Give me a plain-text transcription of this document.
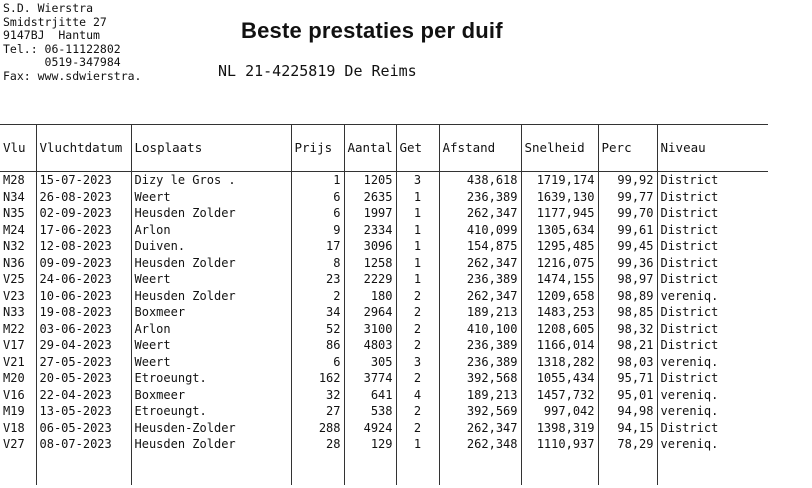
S.D. Wierstra
Smidstrjitte 27
9147BJ  Hantum
Tel.: 06-11122802
0519-347984
Fax: www.sdwierstra.
Beste prestaties per duif
NL 21-4225819 De Reims
Vlu	Vluchtdatum	Losplaats	Prijs	Aantal	Get	Afstand	Snelheid	Perc	Niveau
M28	15-07-2023	Dizy le Gros .	1	1205	3	438,618	1719,174	99,92	District
N34	26-08-2023	Weert	6	2635	1	236,389	1639,130	99,77	District
N35	02-09-2023	Heusden Zolder	6	1997	1	262,347	1177,945	99,70	District
M24	17-06-2023	Arlon	9	2334	1	410,099	1305,634	99,61	District
N32	12-08-2023	Duiven.	17	3096	1	154,875	1295,485	99,45	District
N36	09-09-2023	Heusden Zolder	8	1258	1	262,347	1216,075	99,36	District
V25	24-06-2023	Weert	23	2229	1	236,389	1474,155	98,97	District
V23	10-06-2023	Heusden Zolder	2	180	2	262,347	1209,658	98,89	vereniq.
N33	19-08-2023	Boxmeer	34	2964	2	189,213	1483,253	98,85	District
M22	03-06-2023	Arlon	52	3100	2	410,100	1208,605	98,32	District
V17	29-04-2023	Weert	86	4803	2	236,389	1166,014	98,21	District
V21	27-05-2023	Weert	6	305	3	236,389	1318,282	98,03	vereniq.
M20	20-05-2023	Etroeungt.	162	3774	2	392,568	1055,434	95,71	District
V16	22-04-2023	Boxmeer	32	641	4	189,213	1457,732	95,01	vereniq.
M19	13-05-2023	Etroeungt.	27	538	2	392,569	997,042	94,98	vereniq.
V18	06-05-2023	Heusden-Zolder	288	4924	2	262,347	1398,319	94,15	District
V27	08-07-2023	Heusden Zolder	28	129	1	262,348	1110,937	78,29	vereniq.
